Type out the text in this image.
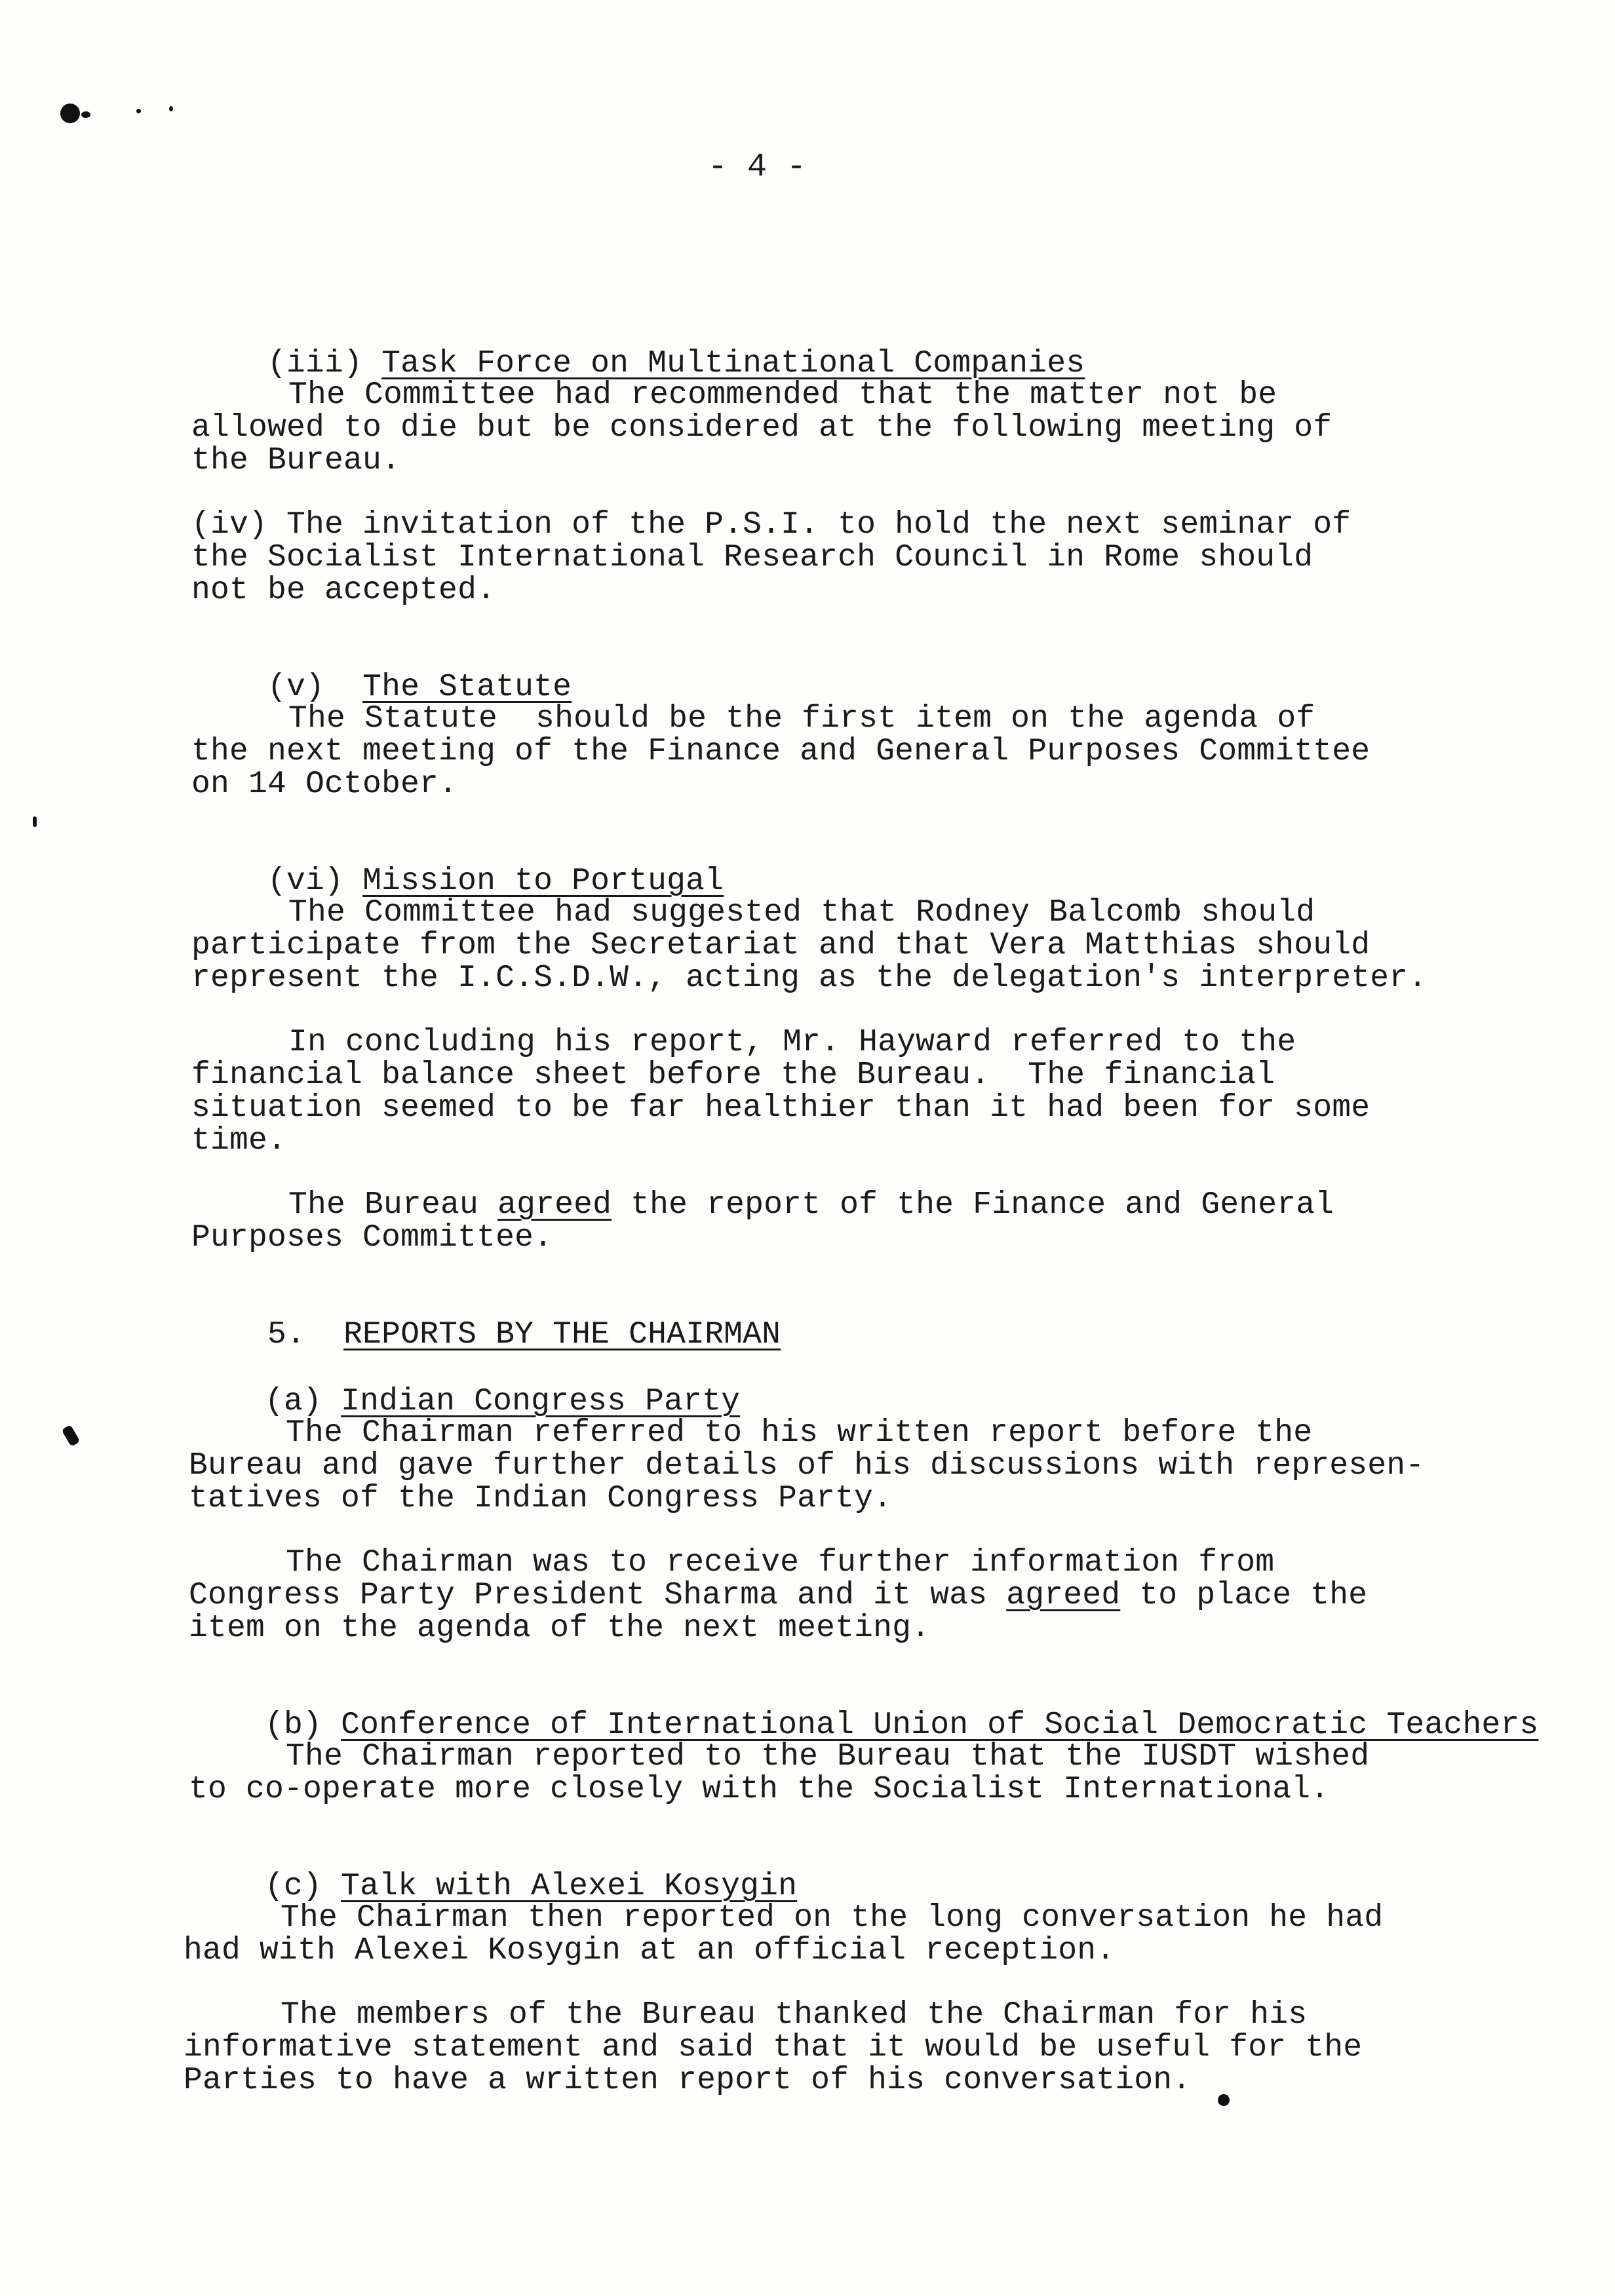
- 4 -

(iii) Task Force on Multinational Companies

The Committee had recommended that the matter not be
allowed to die but be considered at the following meeting of
the Bureau.
(iv) The invitation of the P.S.I. to hold the next seminar of
the Socialist International Research Council in Rome should
not be accepted.

(v) The Statute

The Statute  should be the first item on the agenda of
the next meeting of the Finance and General Purposes Committee
on 14 October.

(vi) Mission to Portugal

The Committee had suggested that Rodney Balcomb should
participate from the Secretariat and that Vera Matthias should
represent the I.C.S.D.W., acting as the delegation's interpreter.
In concluding his report, Mr. Hayward referred to the
financial balance sheet before the Bureau.  The financial
situation seemed to be far healthier than it had been for some
time.
The Bureau agreed the report of the Finance and General
Purposes Committee.

5. REPORTS BY THE CHAIRMAN

(a) Indian Congress Party

The Chairman referred to his written report before the
Bureau and gave further details of his discussions with represen-
tatives of the Indian Congress Party.
The Chairman was to receive further information from
Congress Party President Sharma and it was agreed to place the
item on the agenda of the next meeting.

(b) Conference of International Union of Social Democratic Teachers

The Chairman reported to the Bureau that the IUSDT wished
to co-operate more closely with the Socialist International.

(c) Talk with Alexei Kosygin

The Chairman then reported on the long conversation he had
had with Alexei Kosygin at an official reception.
The members of the Bureau thanked the Chairman for his
informative statement and said that it would be useful for the
Parties to have a written report of his conversation.
